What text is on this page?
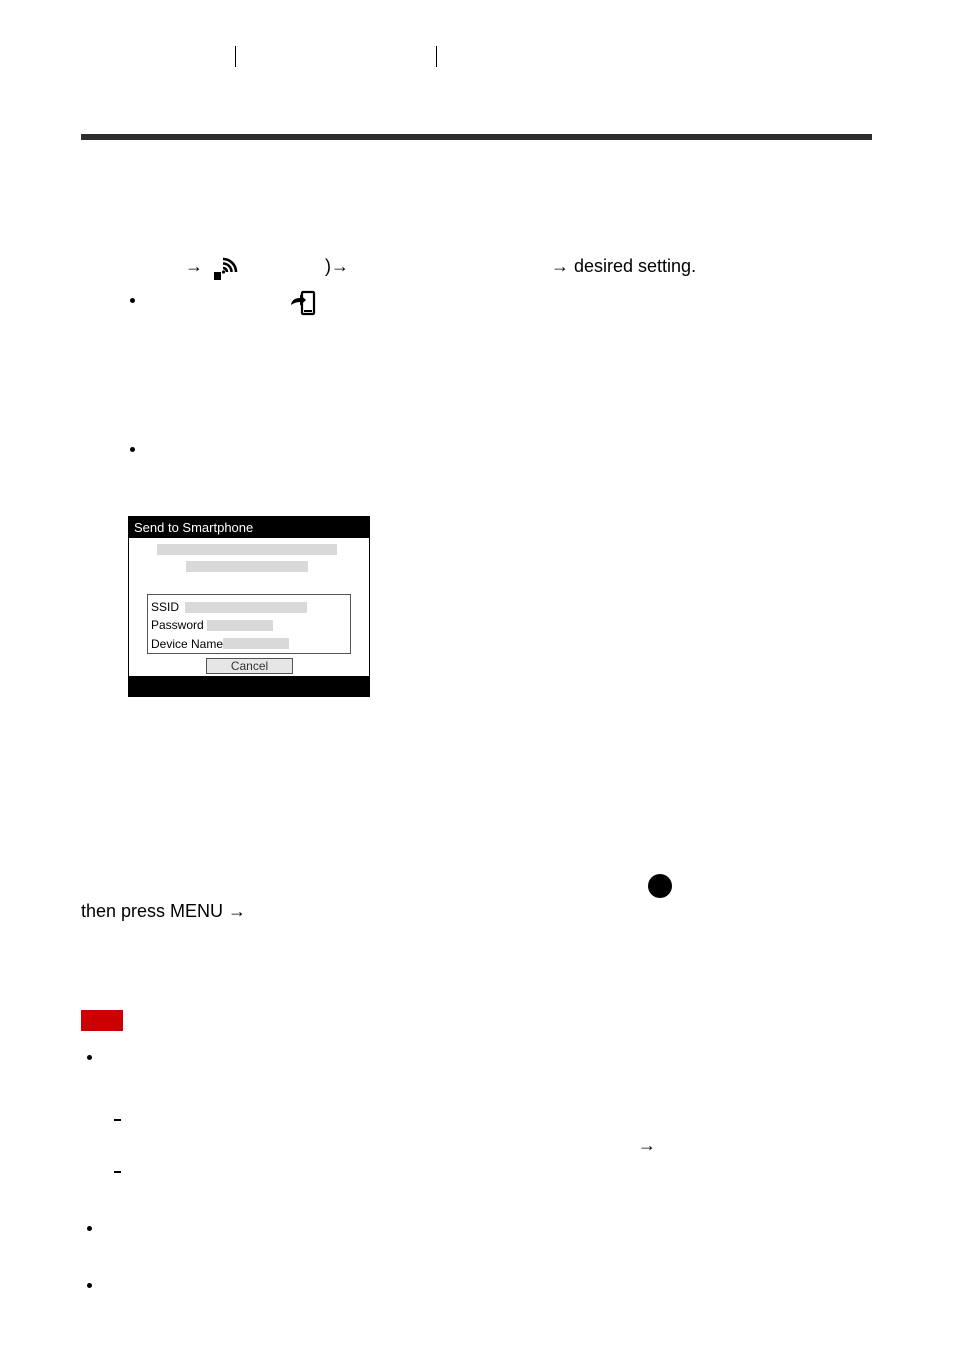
→	)→	→ desired setting.
Send to Smartphone
SSID
Password
Device Name
Cancel
then press MENU →
→
